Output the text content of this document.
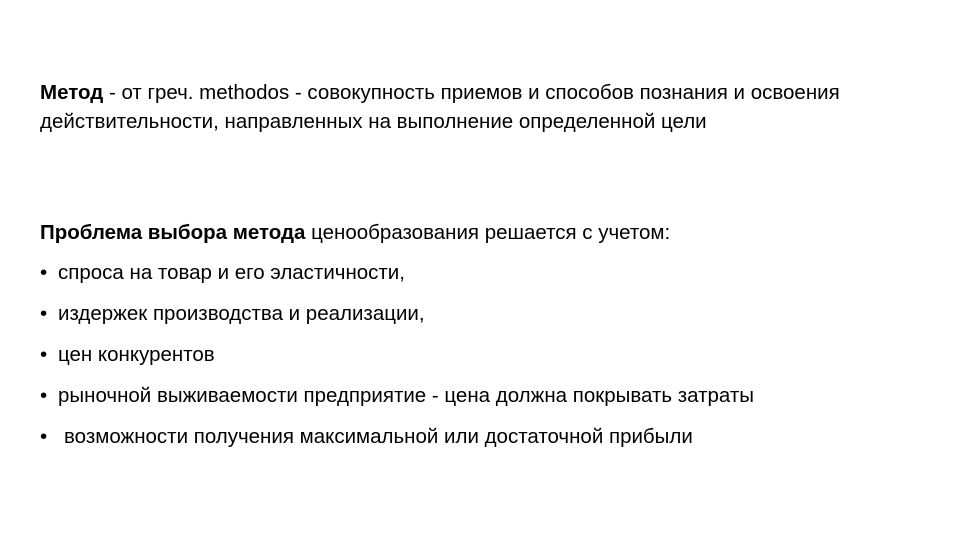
Метод - от греч. methodos - совокупность приемов и способов познания и освоения действительности, направленных на выполнение определенной цели

Проблема выбора метода ценообразования решается с учетом:

• спроса на товар и его эластичности,
• издержек производства и реализации,
• цен конкурентов
• рыночной выживаемости предприятие - цена должна покрывать затраты
• возможности получения максимальной или достаточной прибыли
